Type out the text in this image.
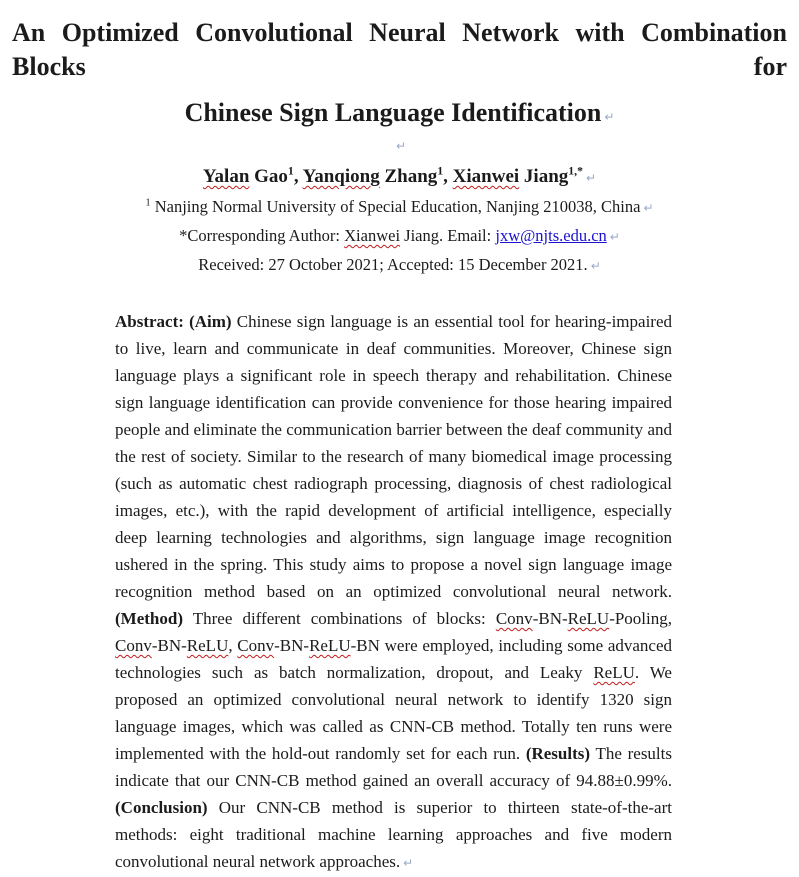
An Optimized Convolutional Neural Network with Combination Blocks for
Chinese Sign Language Identification ↵
↵
Yalan Gao$^1$, Yanqiong Zhang$^1$, Xianwei Jiang$^{1,*}$ ↵
$^1$ Nanjing Normal University of Special Education, Nanjing 210038, China ↵
*Corresponding Author: Xianwei Jiang. Email: jxw@njts.edu.cn ↵
Received: 27 October 2021; Accepted: 15 December 2021. ↵
Abstract: (Aim) Chinese sign language is an essential tool for hearing-impaired to live, learn and communicate in deaf communities. Moreover, Chinese sign language plays a significant role in speech therapy and rehabilitation. Chinese sign language identification can provide convenience for those hearing impaired people and eliminate the communication barrier between the deaf community and the rest of society. Similar to the research of many biomedical image processing (such as automatic chest radiograph processing, diagnosis of chest radiological images, etc.), with the rapid development of artificial intelligence, especially deep learning technologies and algorithms, sign language image recognition ushered in the spring. This study aims to propose a novel sign language image recognition method based on an optimized convolutional neural network. (Method) Three different combinations of blocks: Conv-BN-ReLU-Pooling, Conv-BN-ReLU, Conv-BN-ReLU-BN were employed, including some advanced technologies such as batch normalization, dropout, and Leaky ReLU. We proposed an optimized convolutional neural network to identify 1320 sign language images, which was called as CNN-CB method. Totally ten runs were implemented with the hold-out randomly set for each run. (Results) The results indicate that our CNN-CB method gained an overall accuracy of 94.88±0.99%. (Conclusion) Our CNN-CB method is superior to thirteen state-of-the-art methods: eight traditional machine learning approaches and five modern convolutional neural network approaches. ↵
